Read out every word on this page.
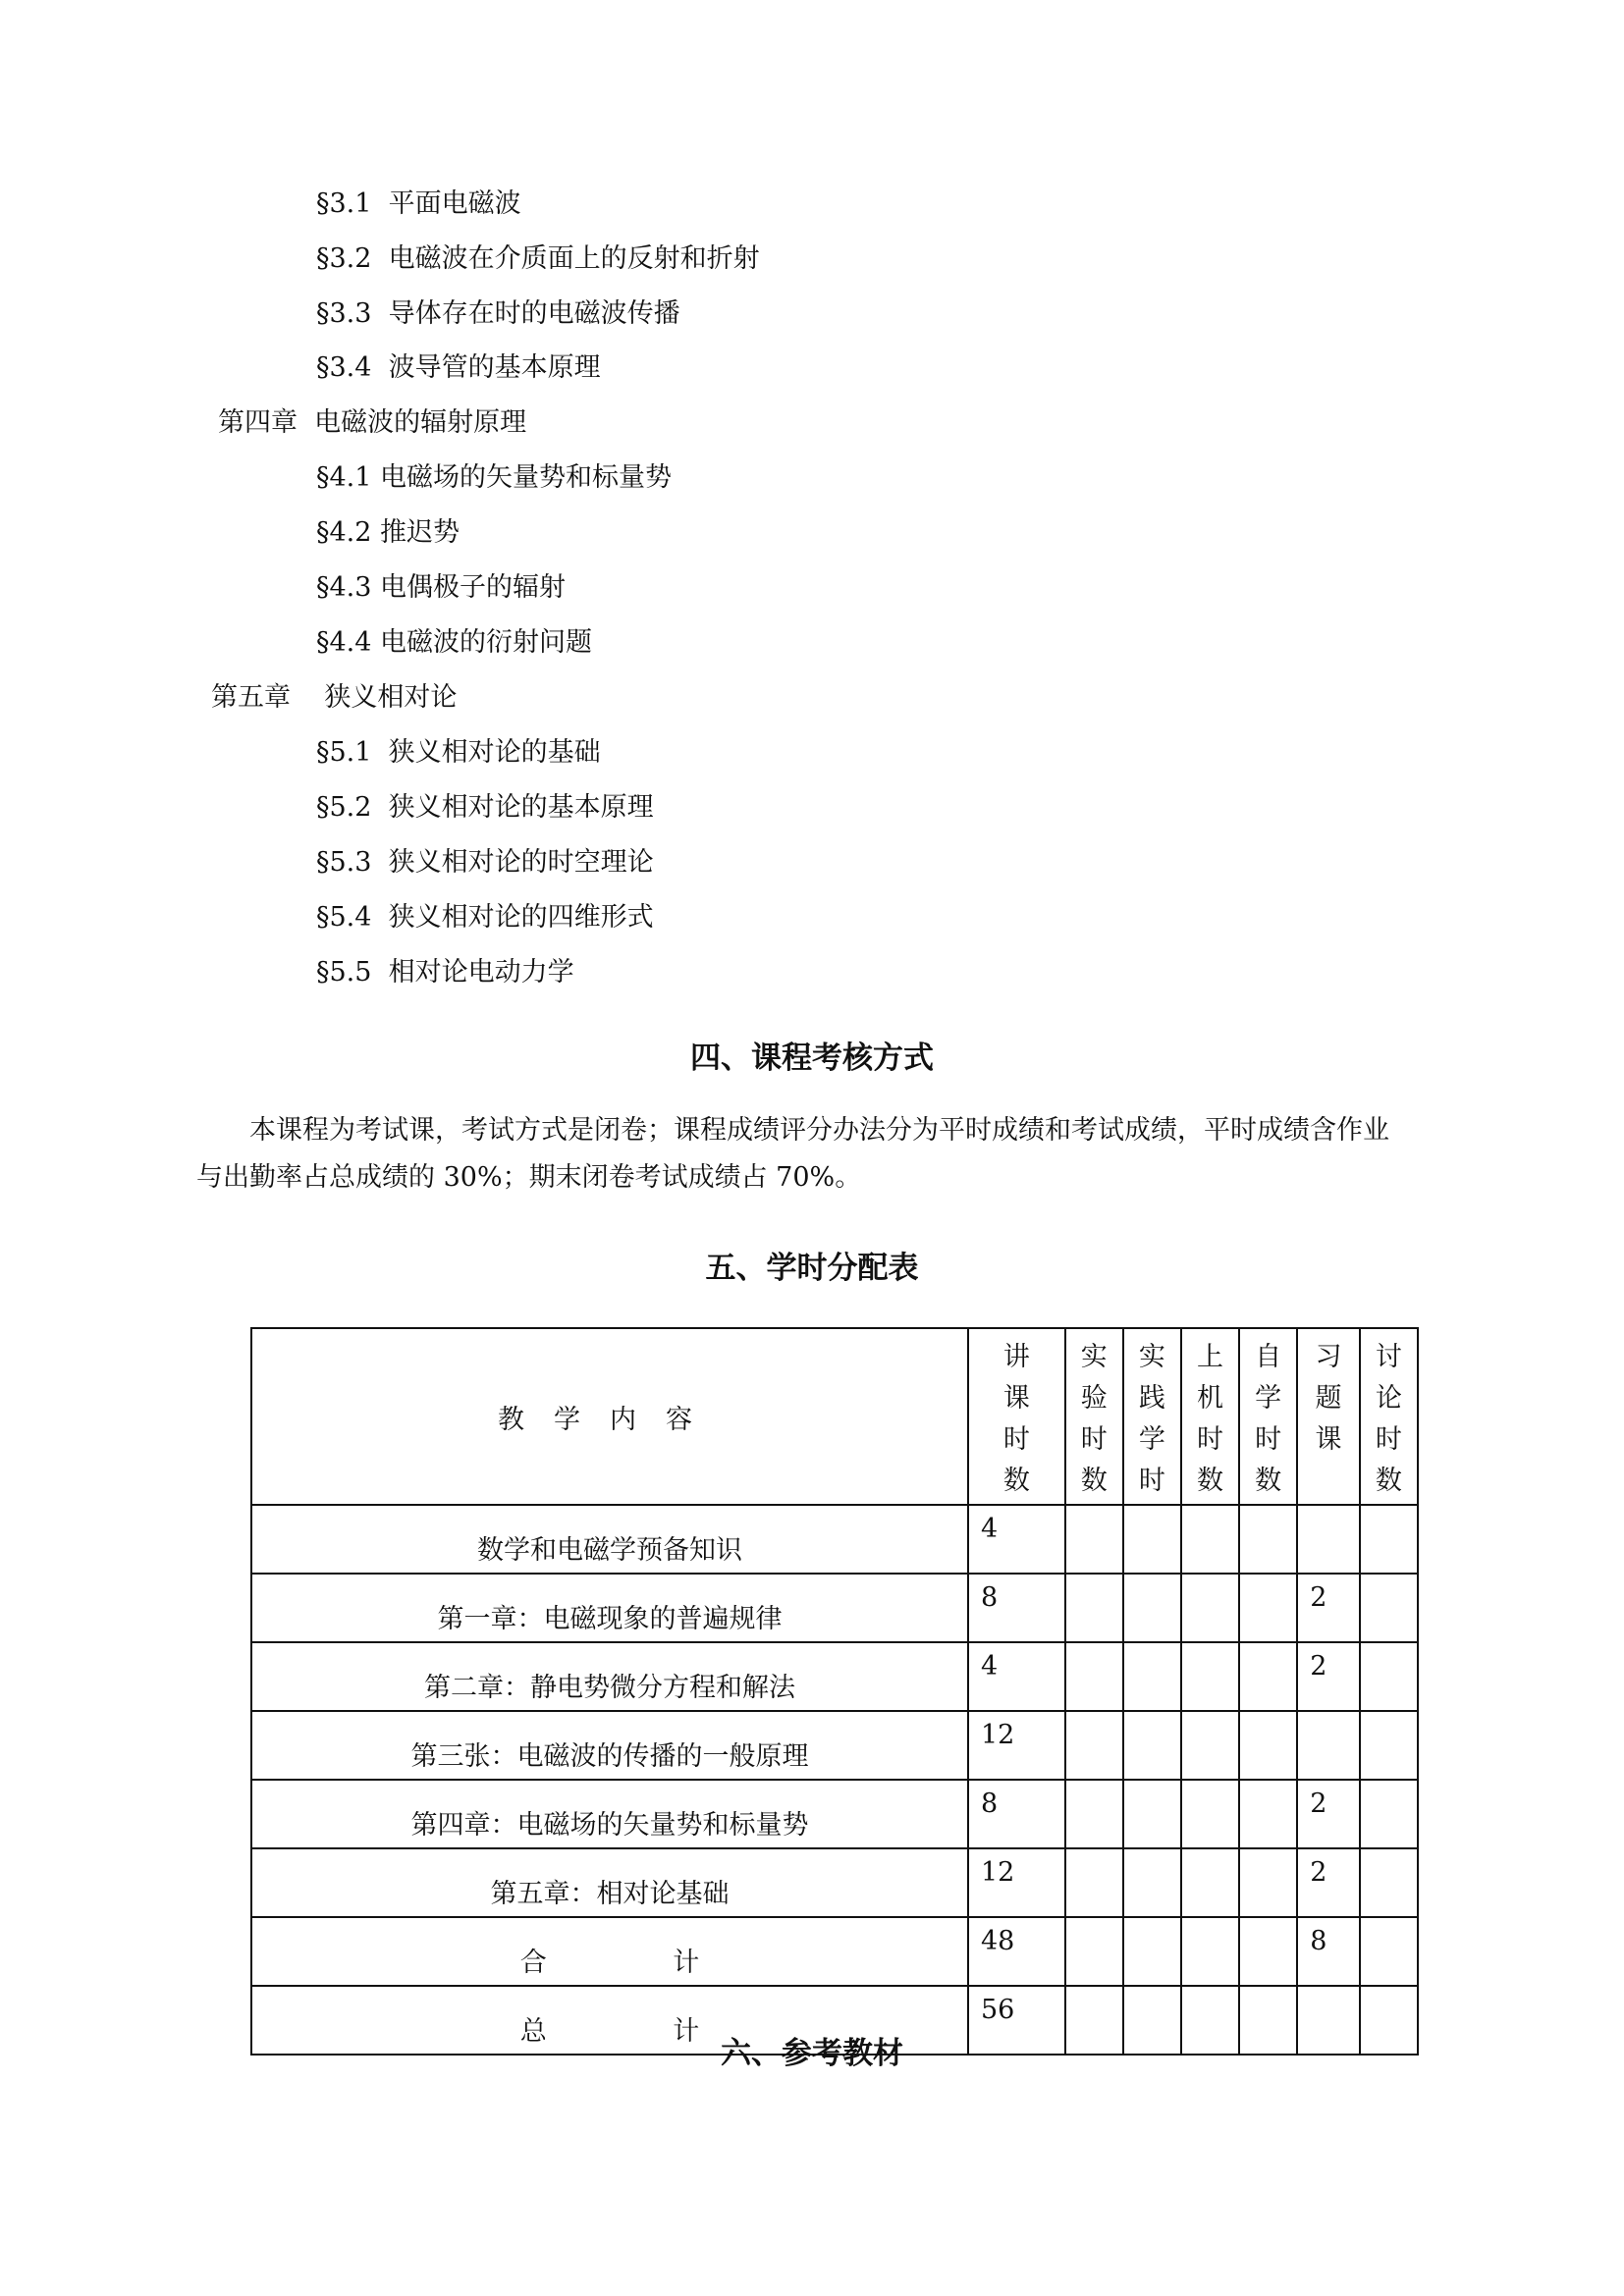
§3.1  平面电磁波
§3.2  电磁波在介质面上的反射和折射
§3.3  导体存在时的电磁波传播
§3.4  波导管的基本原理
第四章  电磁波的辐射原理
§4.1 电磁场的矢量势和标量势
§4.2 推迟势
§4.3 电偶极子的辐射
§4.4 电磁波的衍射问题
第五章    狭义相对论
§5.1  狭义相对论的基础
§5.2  狭义相对论的基本原理
§5.3  狭义相对论的时空理论
§5.4  狭义相对论的四维形式
§5.5  相对论电动力学
四、课程考核方式

本课程为考试课，考试方式是闭卷；课程成绩评分办法分为平时成绩和考试成绩，平时成绩含作业

与出勤率占总成绩的 30%；期末闭卷考试成绩占 70%。

五、学时分配表
教学内容	讲
课
时
数	实
验
时
数	实
践
学
时	上
机
时
数	自
学
时
数	习
题
课	讨
论
时
数

数学和电磁学预备知识	4						
第一章：电磁现象的普遍规律	8					2	
第二章：静电势微分方程和解法	4					2	
第三张：电磁波的传播的一般原理	12						
第四章：电磁场的矢量势和标量势	8					2	
第五章：相对论基础	12					2	
合 计	48					8	
总 计	56						
六、参考教材
